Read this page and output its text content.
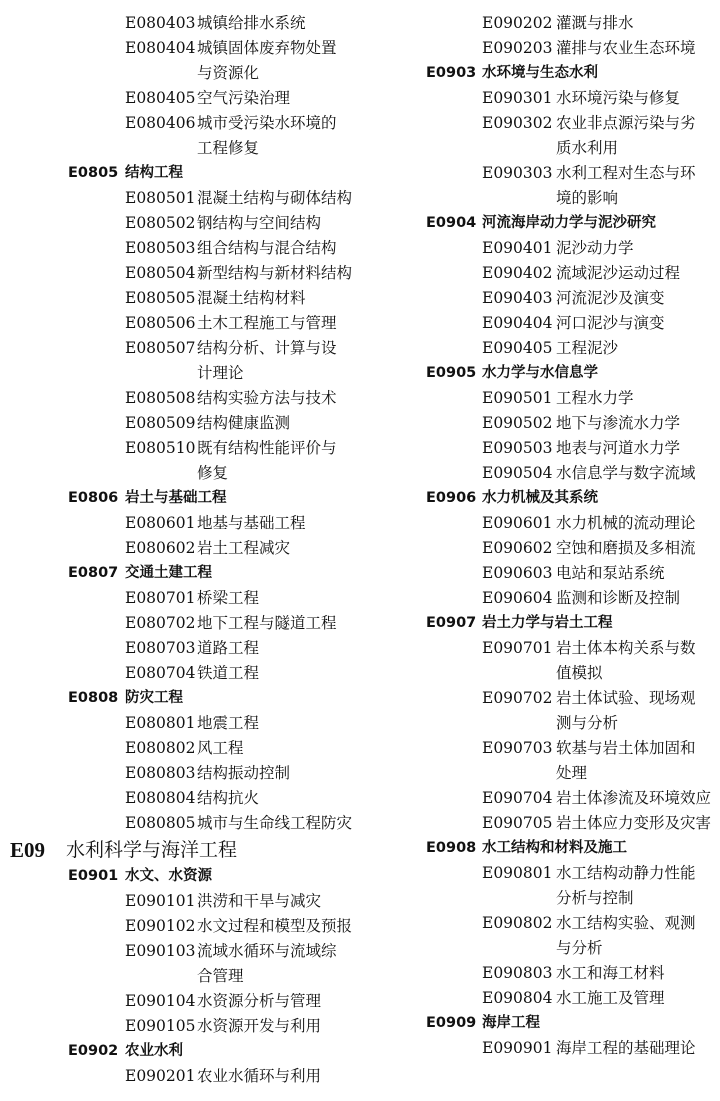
E080403 城镇给排水系统
E080404 城镇固体废弃物处置
与资源化
E080405 空气污染治理
E080406 城市受污染水环境的
工程修复
E0805 结构工程
E080501 混凝土结构与砌体结构
E080502 钢结构与空间结构
E080503 组合结构与混合结构
E080504 新型结构与新材料结构
E080505 混凝土结构材料
E080506 土木工程施工与管理
E080507 结构分析、计算与设
计理论
E080508 结构实验方法与技术
E080509 结构健康监测
E080510 既有结构性能评价与
修复
E0806 岩土与基础工程
E080601 地基与基础工程
E080602 岩土工程减灾
E0807 交通土建工程
E080701 桥梁工程
E080702 地下工程与隧道工程
E080703 道路工程
E080704 铁道工程
E0808 防灾工程
E080801 地震工程
E080802 风工程
E080803 结构振动控制
E080804 结构抗火
E080805 城市与生命线工程防灾
E09 水利科学与海洋工程
E0901 水文、水资源
E090101 洪涝和干旱与减灾
E090102 水文过程和模型及预报
E090103 流域水循环与流域综
合管理
E090104 水资源分析与管理
E090105 水资源开发与利用
E0902 农业水利
E090201 农业水循环与利用
E090202 灌溉与排水
E090203 灌排与农业生态环境
E0903 水环境与生态水利
E090301 水环境污染与修复
E090302 农业非点源污染与劣
质水利用
E090303 水利工程对生态与环
境的影响
E0904 河流海岸动力学与泥沙研究
E090401 泥沙动力学
E090402 流域泥沙运动过程
E090403 河流泥沙及演变
E090404 河口泥沙与演变
E090405 工程泥沙
E0905 水力学与水信息学
E090501 工程水力学
E090502 地下与渗流水力学
E090503 地表与河道水力学
E090504 水信息学与数字流域
E0906 水力机械及其系统
E090601 水力机械的流动理论
E090602 空蚀和磨损及多相流
E090603 电站和泵站系统
E090604 监测和诊断及控制
E0907 岩土力学与岩土工程
E090701 岩土体本构关系与数
值模拟
E090702 岩土体试验、现场观
测与分析
E090703 软基与岩土体加固和
处理
E090704 岩土体渗流及环境效应
E090705 岩土体应力变形及灾害
E0908 水工结构和材料及施工
E090801 水工结构动静力性能
分析与控制
E090802 水工结构实验、观测
与分析
E090803 水工和海工材料
E090804 水工施工及管理
E0909 海岸工程
E090901 海岸工程的基础理论
